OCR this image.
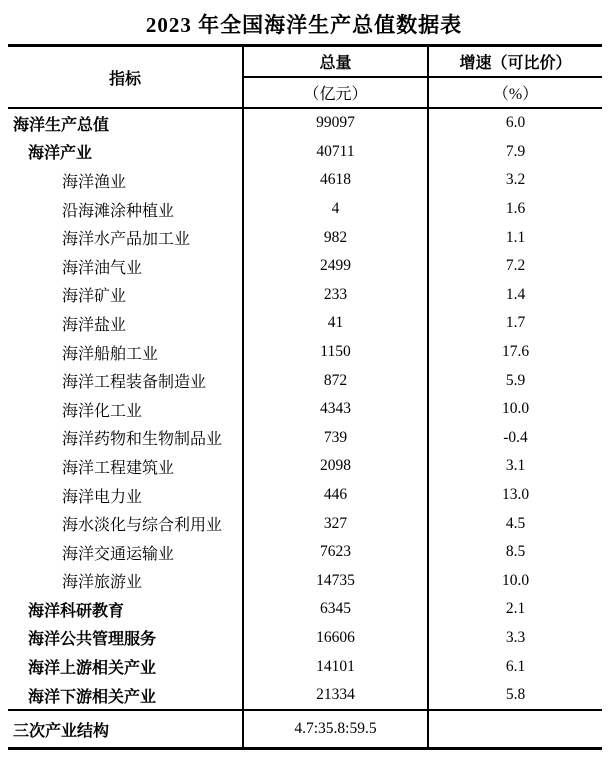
2023 年全国海洋生产总值数据表
指标
总量	增速（可比价）
（亿元）	（%）
海洋生产总值	99097	6.0
海洋产业	40711	7.9
海洋渔业	4618	3.2
沿海滩涂种植业	4	1.6
海洋水产品加工业	982	1.1
海洋油气业	2499	7.2
海洋矿业	233	1.4
海洋盐业	41	1.7
海洋船舶工业	1150	17.6
海洋工程装备制造业	872	5.9
海洋化工业	4343	10.0
海洋药物和生物制品业	739	-0.4
海洋工程建筑业	2098	3.1
海洋电力业	446	13.0
海水淡化与综合利用业	327	4.5
海洋交通运输业	7623	8.5
海洋旅游业	14735	10.0
海洋科研教育	6345	2.1
海洋公共管理服务	16606	3.3
海洋上游相关产业	14101	6.1
海洋下游相关产业	21334	5.8
三次产业结构	4.7:35.8:59.5
